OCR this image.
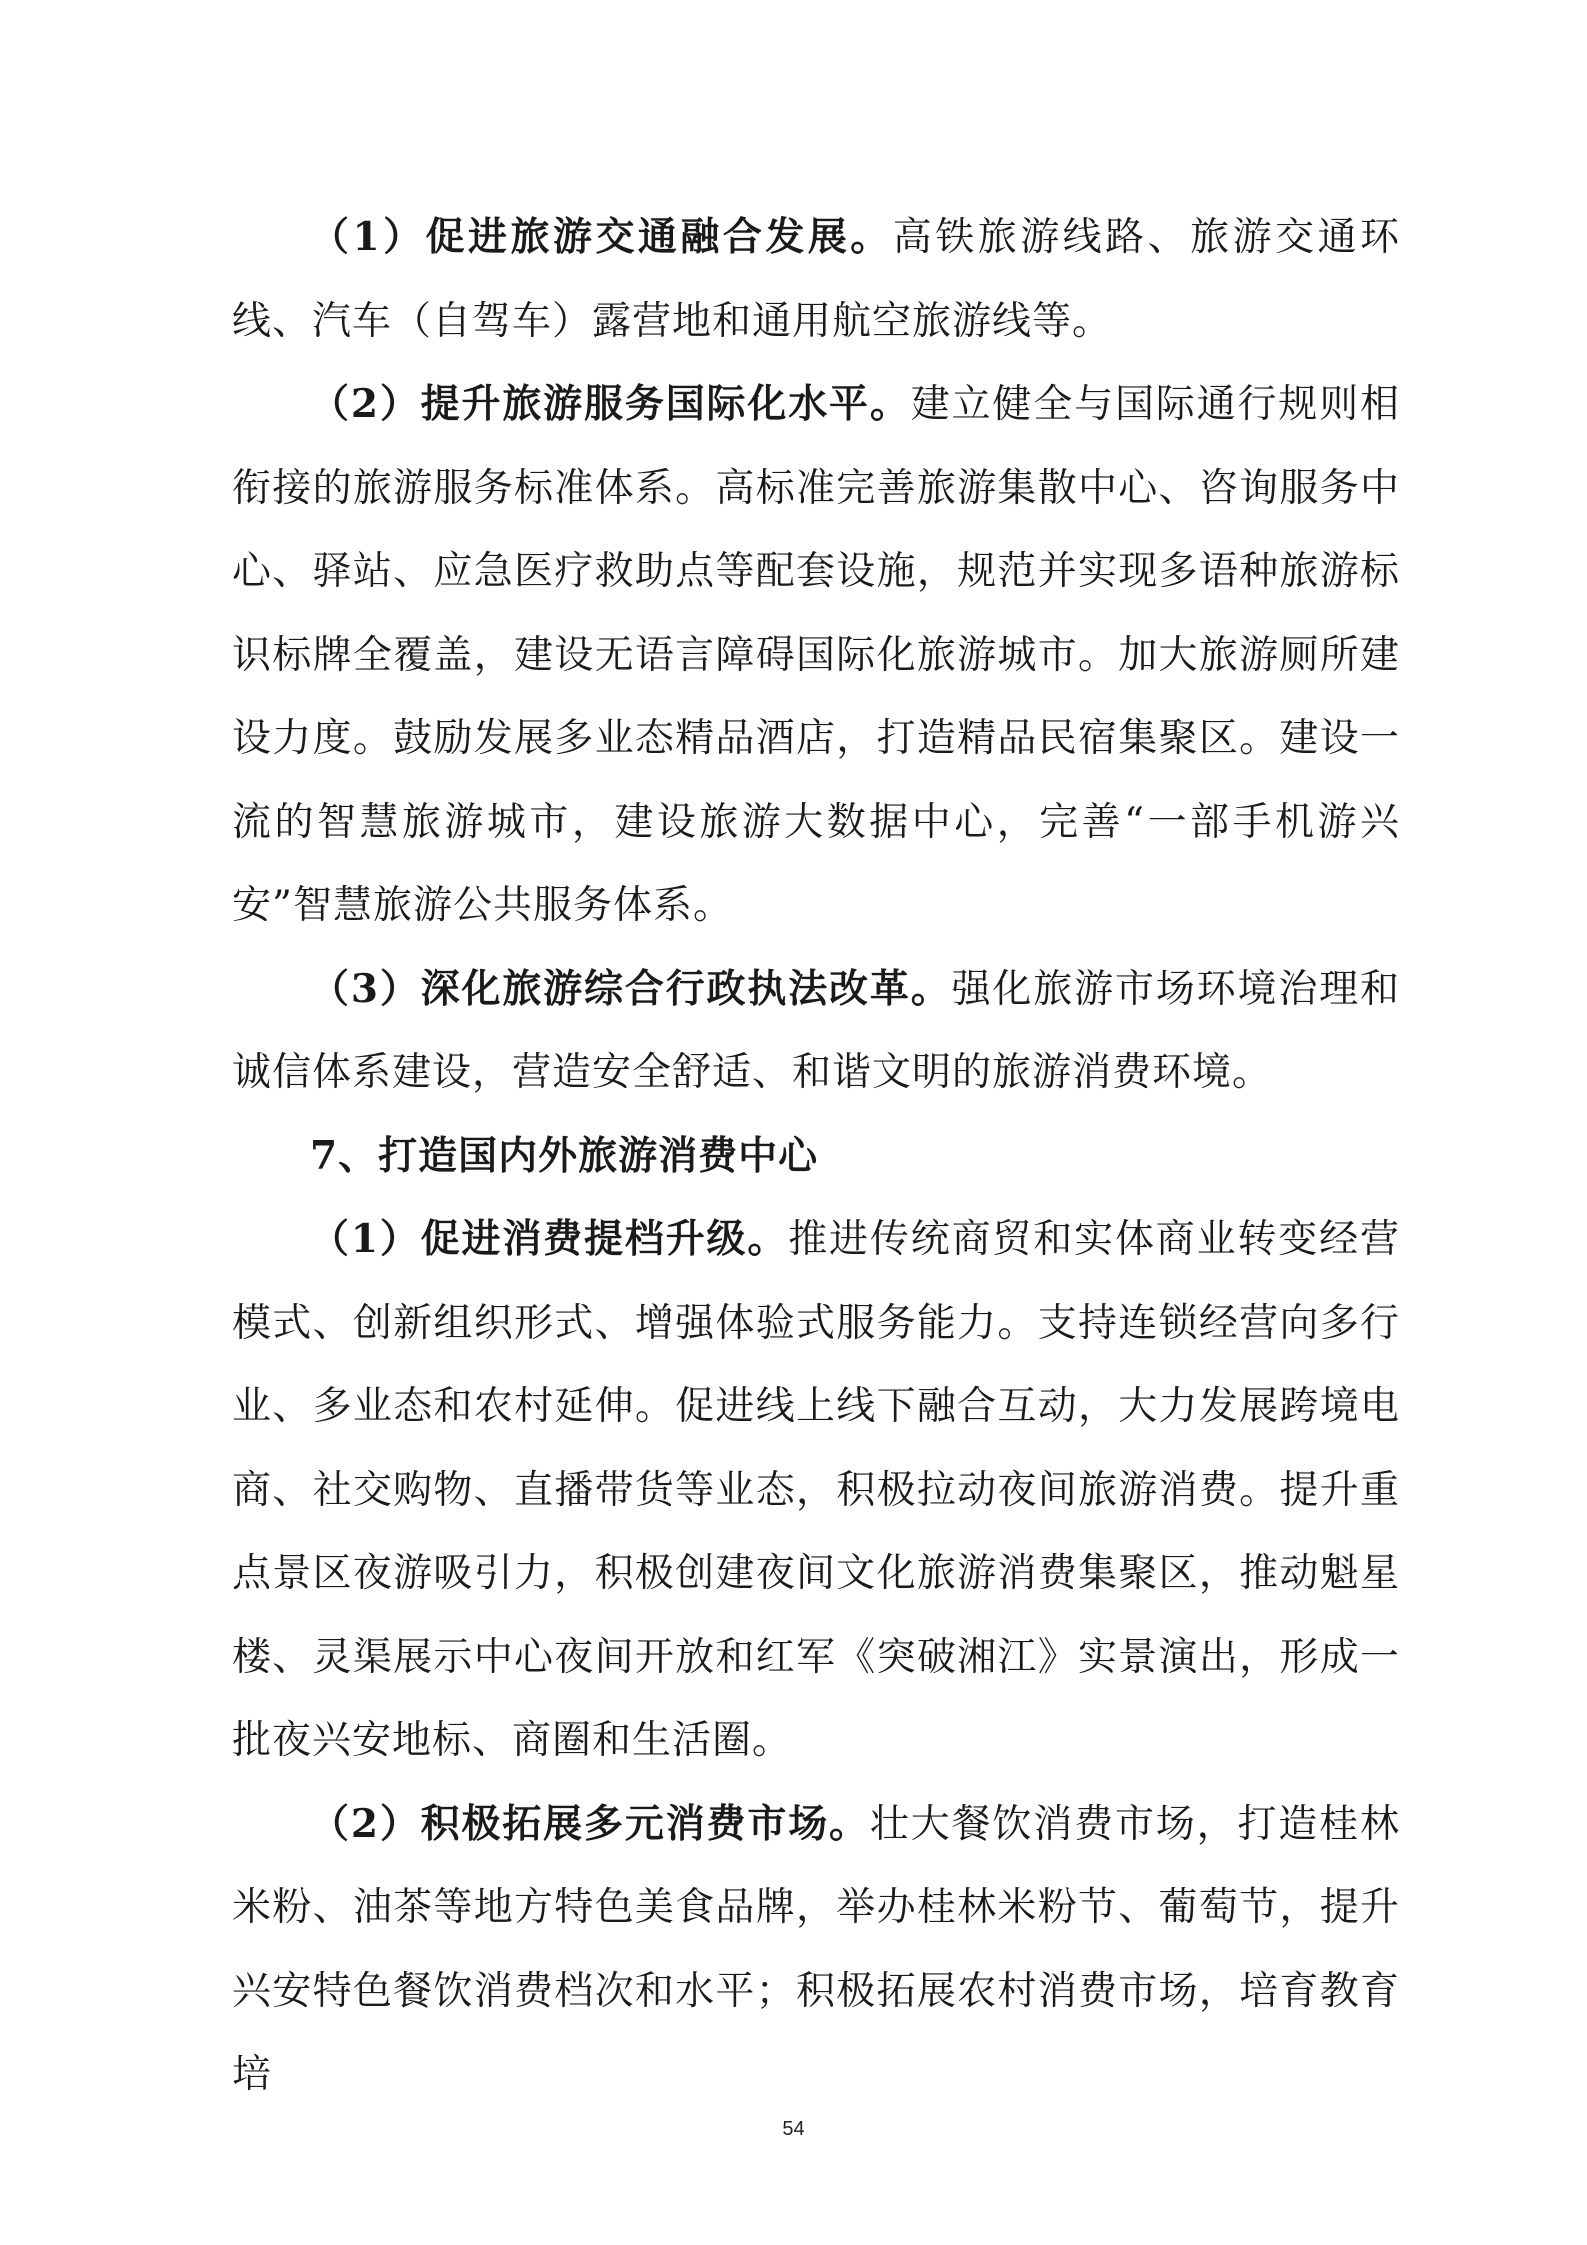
（1）促进旅游交通融合发展。高铁旅游线路、旅游交通环线、汽车（自驾车）露营地和通用航空旅游线等。

（2）提升旅游服务国际化水平。建立健全与国际通行规则相衔接的旅游服务标准体系。高标准完善旅游集散中心、咨询服务中心、驿站、应急医疗救助点等配套设施，规范并实现多语种旅游标识标牌全覆盖，建设无语言障碍国际化旅游城市。加大旅游厕所建设力度。鼓励发展多业态精品酒店，打造精品民宿集聚区。建设一流的智慧旅游城市，建设旅游大数据中心，完善“一部手机游兴安”智慧旅游公共服务体系。

（3）深化旅游综合行政执法改革。强化旅游市场环境治理和诚信体系建设，营造安全舒适、和谐文明的旅游消费环境。

7、打造国内外旅游消费中心

（1）促进消费提档升级。推进传统商贸和实体商业转变经营模式、创新组织形式、增强体验式服务能力。支持连锁经营向多行业、多业态和农村延伸。促进线上线下融合互动，大力发展跨境电商、社交购物、直播带货等业态，积极拉动夜间旅游消费。提升重点景区夜游吸引力，积极创建夜间文化旅游消费集聚区，推动魁星楼、灵渠展示中心夜间开放和红军《突破湘江》实景演出，形成一批夜兴安地标、商圈和生活圈。

（2）积极拓展多元消费市场。壮大餐饮消费市场，打造桂林米粉、油茶等地方特色美食品牌，举办桂林米粉节、葡萄节，提升兴安特色餐饮消费档次和水平；积极拓展农村消费市场，培育教育培

54
